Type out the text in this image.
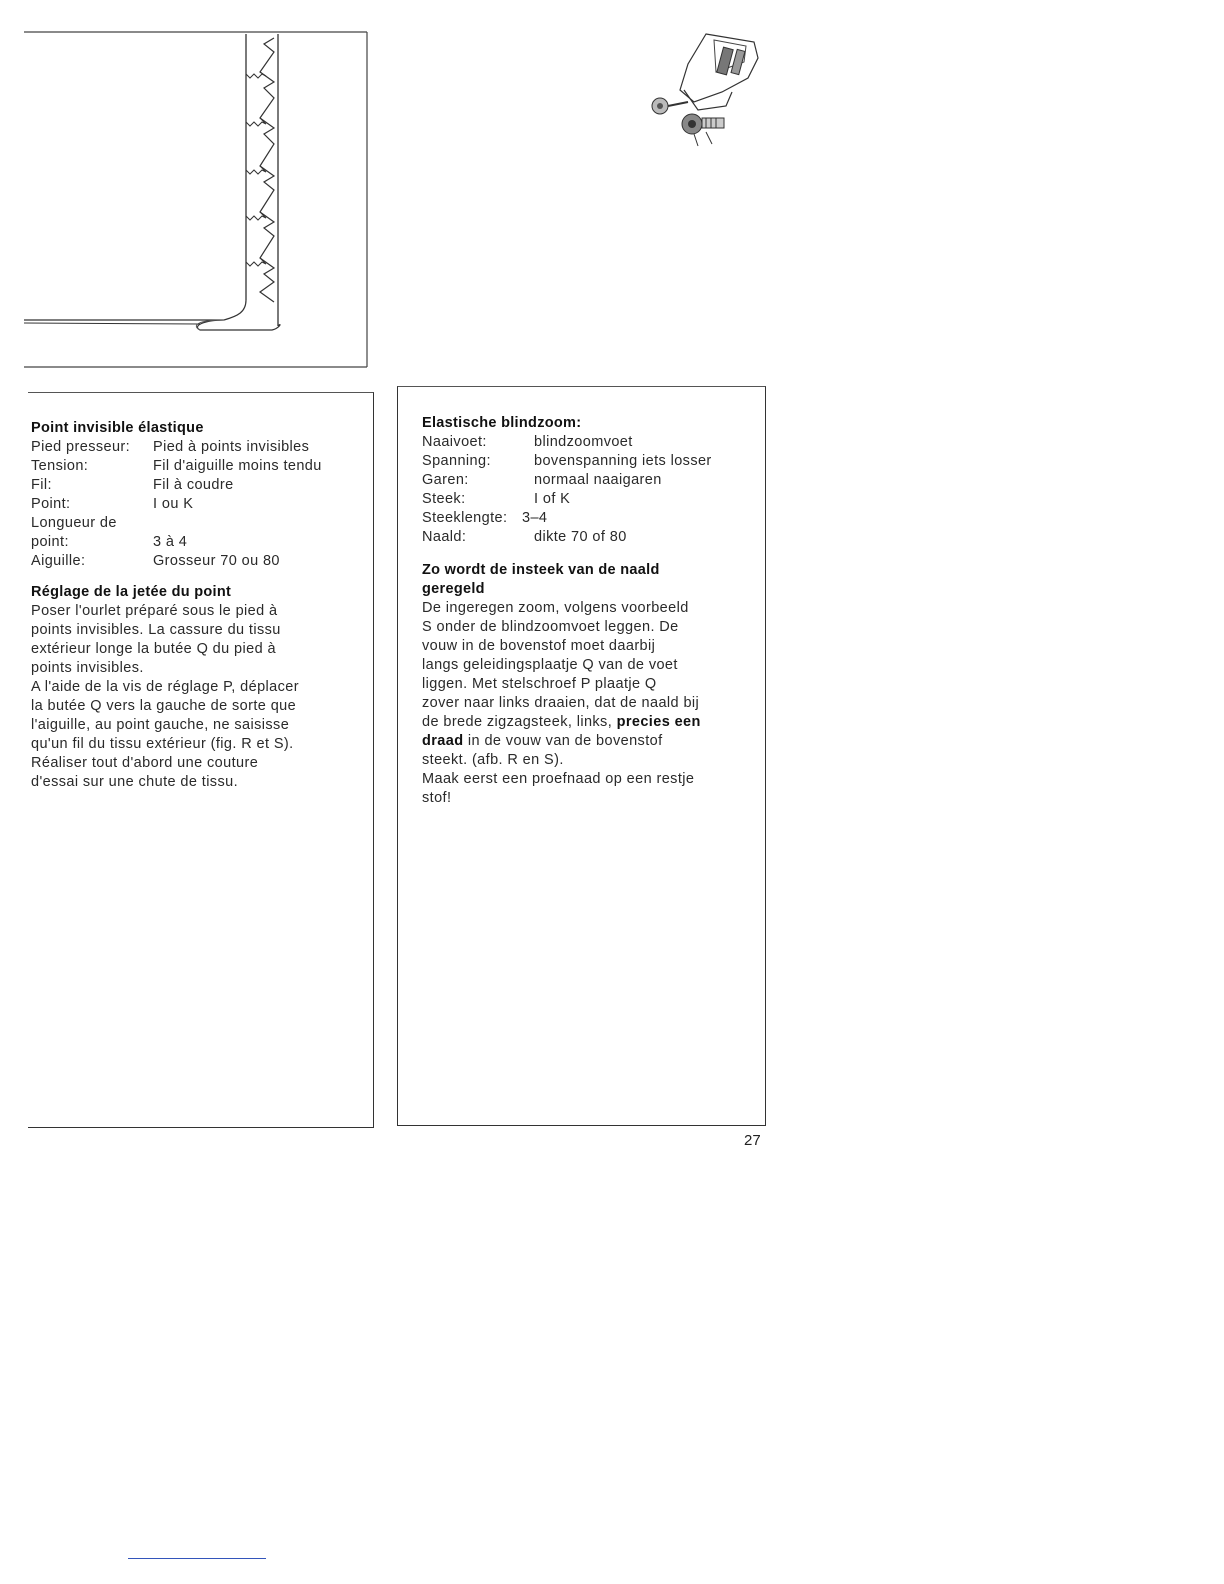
Point invisible élastique
Pied presseur:	Pied à points invisibles
Tension:	Fil d'aiguille moins tendu
Fil:	Fil à coudre
Point:	I ou K
Longueur de
point:	3 à 4
Aiguille:	Grosseur 70 ou 80
Réglage de la jetée du point
Poser l'ourlet préparé sous le pied à
points invisibles. La cassure du tissu
extérieur longe la butée Q du pied à
points invisibles.
A l'aide de la vis de réglage P, déplacer
la butée Q vers la gauche de sorte que
l'aiguille, au point gauche, ne saisisse
qu'un fil du tissu extérieur (fig. R et S).
Réaliser tout d'abord une couture
d'essai sur une chute de tissu.
Elastische blindzoom:
Naaivoet:	blindzoomvoet
Spanning:	bovenspanning iets losser
Garen:	normaal naaigaren
Steek:	I of K
Steeklengte:	3–4
Naald:	dikte 70 of 80
Zo wordt de insteek van de naald
geregeld
De ingeregen zoom, volgens voorbeeld
S onder de blindzoomvoet leggen. De
vouw in de bovenstof moet daarbij
langs geleidingsplaatje Q van de voet
liggen. Met stelschroef P plaatje Q
zover naar links draaien, dat de naald bij
de brede zigzagsteek, links, precies een
draad in de vouw van de bovenstof
steekt. (afb. R en S).
Maak eerst een proefnaad op een restje
stof!
27
